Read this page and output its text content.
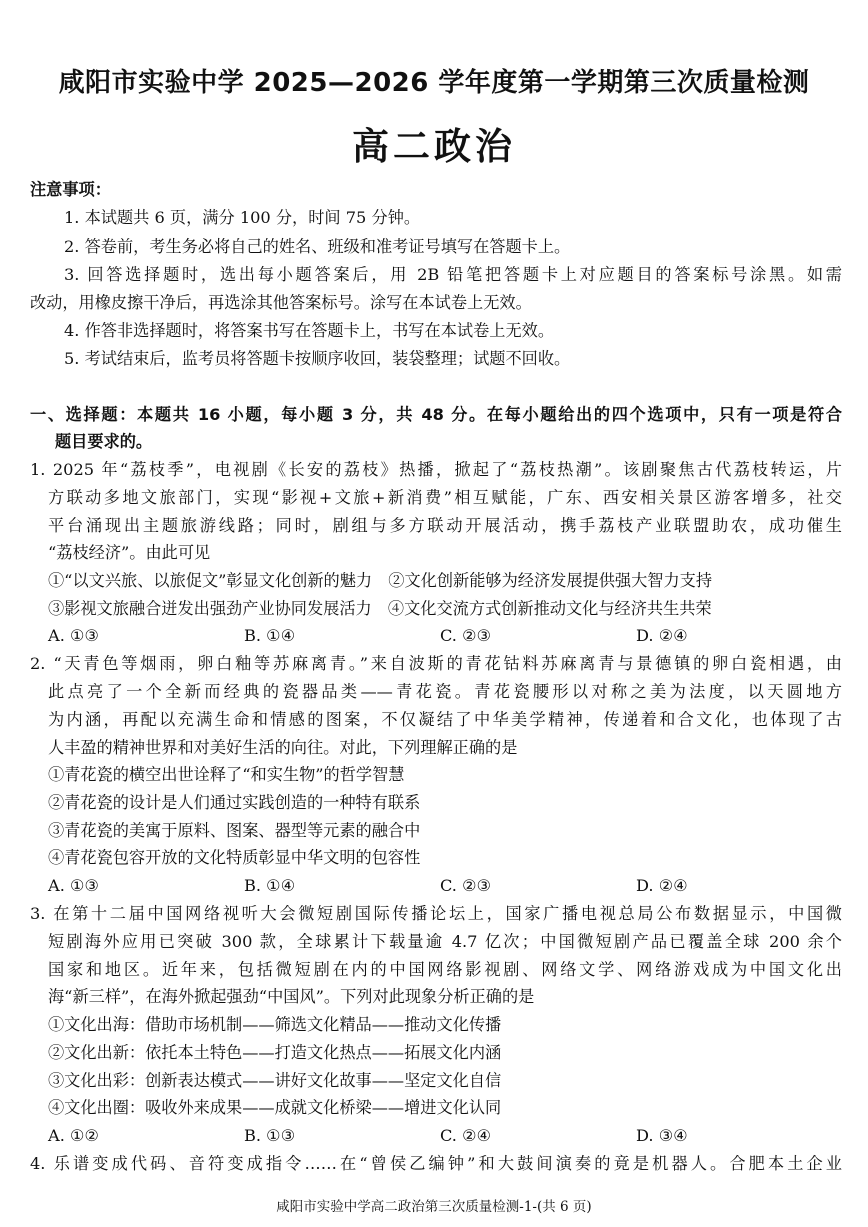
咸阳市实验中学 2025—2026 学年度第一学期第三次质量检测
高二政治
注意事项：
1. 本试题共 6 页，满分 100 分，时间 75 分钟。
2. 答卷前，考生务必将自己的姓名、班级和准考证号填写在答题卡上。
3. 回答选择题时，选出每小题答案后，用 2B 铅笔把答题卡上对应题目的答案标号涂黑。如需
改动，用橡皮擦干净后，再选涂其他答案标号。涂写在本试卷上无效。
4. 作答非选择题时，将答案书写在答题卡上，书写在本试卷上无效。
5. 考试结束后，监考员将答题卡按顺序收回，装袋整理；试题不回收。
一、选择题：本题共 16 小题，每小题 3 分，共 48 分。在每小题给出的四个选项中，只有一项是符合
题目要求的。
1. 2025 年“荔枝季”，电视剧《长安的荔枝》热播，掀起了“荔枝热潮”。该剧聚焦古代荔枝转运，片
方联动多地文旅部门，实现“影视+文旅+新消费”相互赋能，广东、西安相关景区游客增多，社交
平台涌现出主题旅游线路；同时，剧组与多方联动开展活动，携手荔枝产业联盟助农，成功催生
“荔枝经济”。由此可见
①“以文兴旅、以旅促文”彰显文化创新的魅力　②文化创新能够为经济发展提供强大智力支持
③影视文旅融合迸发出强劲产业协同发展活力　④文化交流方式创新推动文化与经济共生共荣
A. ①③	B. ①④	C. ②③	D. ②④
2. “天青色等烟雨，卵白釉等苏麻离青。”来自波斯的青花钴料苏麻离青与景德镇的卵白瓷相遇，由
此点亮了一个全新而经典的瓷器品类——青花瓷。青花瓷腰形以对称之美为法度，以天圆地方
为内涵，再配以充满生命和情感的图案，不仅凝结了中华美学精神，传递着和合文化，也体现了古
人丰盈的精神世界和对美好生活的向往。对此，下列理解正确的是
①青花瓷的横空出世诠释了“和实生物”的哲学智慧
②青花瓷的设计是人们通过实践创造的一种特有联系
③青花瓷的美寓于原料、图案、器型等元素的融合中
④青花瓷包容开放的文化特质彰显中华文明的包容性
A. ①③	B. ①④	C. ②③	D. ②④
3. 在第十二届中国网络视听大会微短剧国际传播论坛上，国家广播电视总局公布数据显示，中国微
短剧海外应用已突破 300 款，全球累计下载量逾 4.7 亿次；中国微短剧产品已覆盖全球 200 余个
国家和地区。近年来，包括微短剧在内的中国网络影视剧、网络文学、网络游戏成为中国文化出
海“新三样”，在海外掀起强劲“中国风”。下列对此现象分析正确的是
①文化出海：借助市场机制——筛选文化精品——推动文化传播
②文化出新：依托本土特色——打造文化热点——拓展文化内涵
③文化出彩：创新表达模式——讲好文化故事——坚定文化自信
④文化出圈：吸收外来成果——成就文化桥梁——增进文化认同
A. ①②	B. ①③	C. ②④	D. ③④
4. 乐谱变成代码、音符变成指令……在“曾侯乙编钟”和大鼓间演奏的竟是机器人。合肥本土企业
咸阳市实验中学高二政治第三次质量检测-1-(共 6 页)
